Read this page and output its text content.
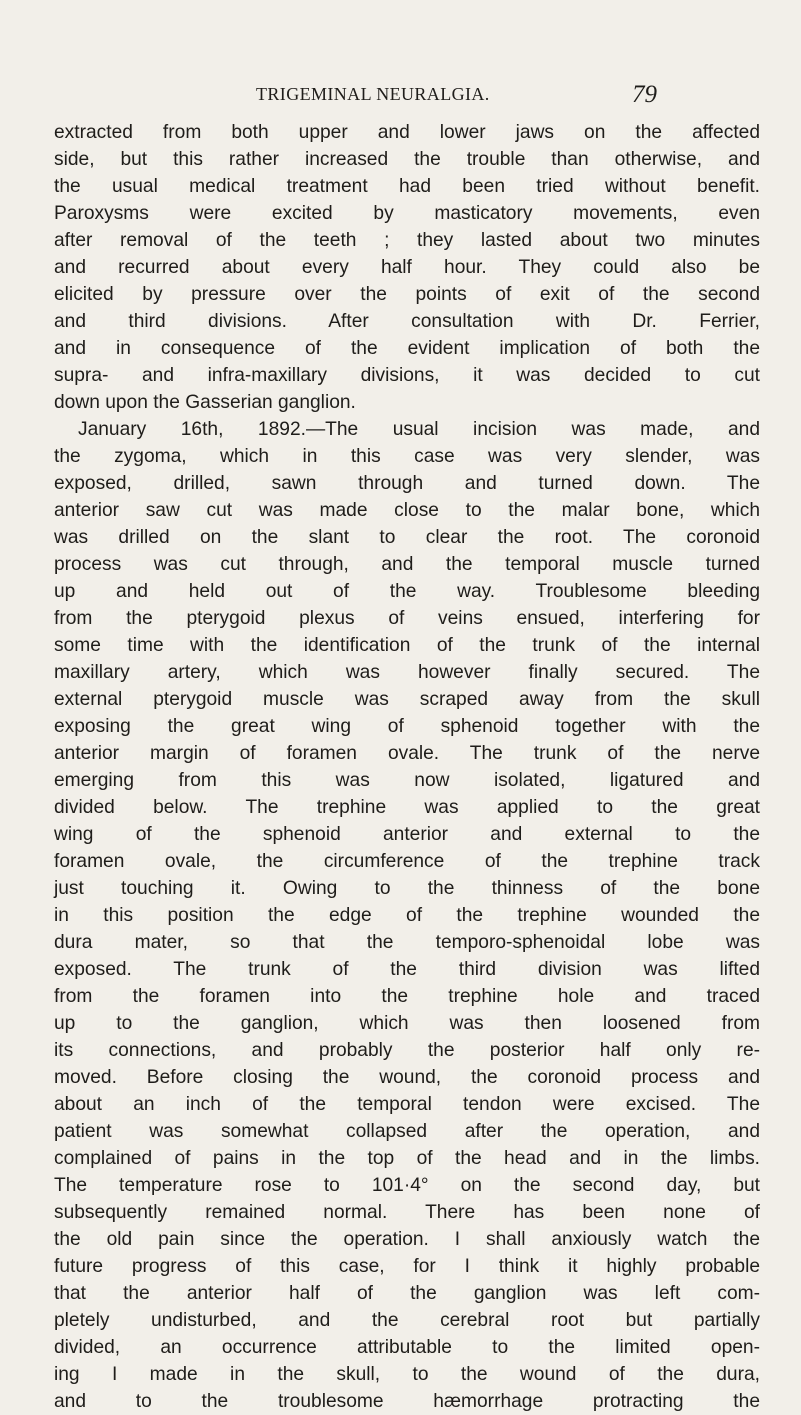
TRIGEMINAL NEURALGIA.	79
extracted from both upper and lower jaws on the affected
side, but this rather increased the trouble than otherwise, and
the usual medical treatment had been tried without benefit.
Paroxysms were excited by masticatory movements, even
after removal of the teeth ; they lasted about two minutes
and recurred about every half hour. They could also be
elicited by pressure over the points of exit of the second
and third divisions. After consultation with Dr. Ferrier,
and in consequence of the evident implication of both the
supra- and infra-maxillary divisions, it was decided to cut
down upon the Gasserian ganglion.
January 16th, 1892.—The usual incision was made, and
the zygoma, which in this case was very slender, was
exposed, drilled, sawn through and turned down. The
anterior saw cut was made close to the malar bone, which
was drilled on the slant to clear the root. The coronoid
process was cut through, and the temporal muscle turned
up and held out of the way. Troublesome bleeding
from the pterygoid plexus of veins ensued, interfering for
some time with the identification of the trunk of the internal
maxillary artery, which was however finally secured. The
external pterygoid muscle was scraped away from the skull
exposing the great wing of sphenoid together with the
anterior margin of foramen ovale. The trunk of the nerve
emerging from this was now isolated, ligatured and
divided below. The trephine was applied to the great
wing of the sphenoid anterior and external to the
foramen ovale, the circumference of the trephine track
just touching it. Owing to the thinness of the bone
in this position the edge of the trephine wounded the
dura mater, so that the temporo-sphenoidal lobe was
exposed. The trunk of the third division was lifted
from the foramen into the trephine hole and traced
up to the ganglion, which was then loosened from
its connections, and probably the posterior half only re-
moved. Before closing the wound, the coronoid process and
about an inch of the temporal tendon were excised. The
patient was somewhat collapsed after the operation, and
complained of pains in the top of the head and in the limbs.
The temperature rose to 101·4° on the second day, but
subsequently remained normal. There has been none of
the old pain since the operation. I shall anxiously watch the
future progress of this case, for I think it highly probable
that the anterior half of the ganglion was left com-
pletely undisturbed, and the cerebral root but partially
divided, an occurrence attributable to the limited open-
ing I made in the skull, to the wound of the dura,
and to the troublesome hæmorrhage protracting the
